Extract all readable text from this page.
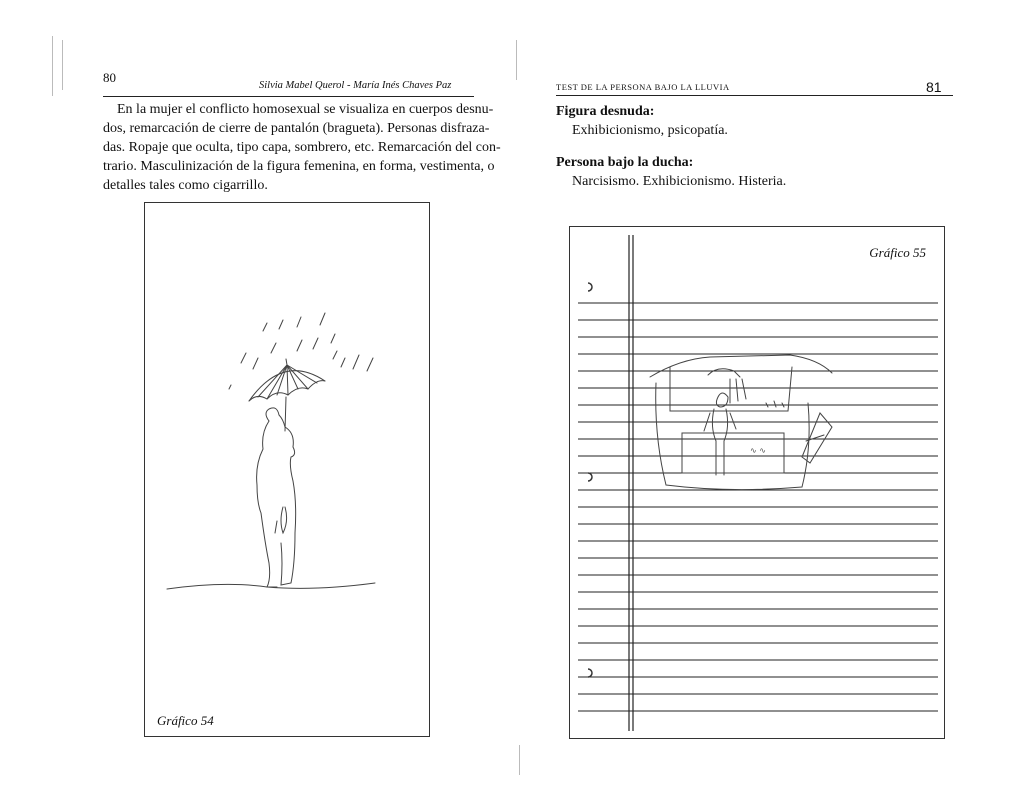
80
Silvia Mabel Querol - María Inés Chaves Paz
En la mujer el conflicto homosexual se visualiza en cuerpos desnu-
dos, remarcación de cierre de pantalón (bragueta). Personas disfraza-
das. Ropaje que oculta, tipo capa, sombrero, etc. Remarcación del con-
trario. Masculinización de la figura femenina, en forma, vestimenta, o
detalles tales como cigarrillo.
Gráfico 54
TEST DE LA PERSONA BAJO LA LLUVIA	81
Figura desnuda:
Exhibicionismo, psicopatía.
Persona bajo la ducha:
Narcisismo. Exhibicionismo. Histeria.
∿ ∿
Gráfico 55
